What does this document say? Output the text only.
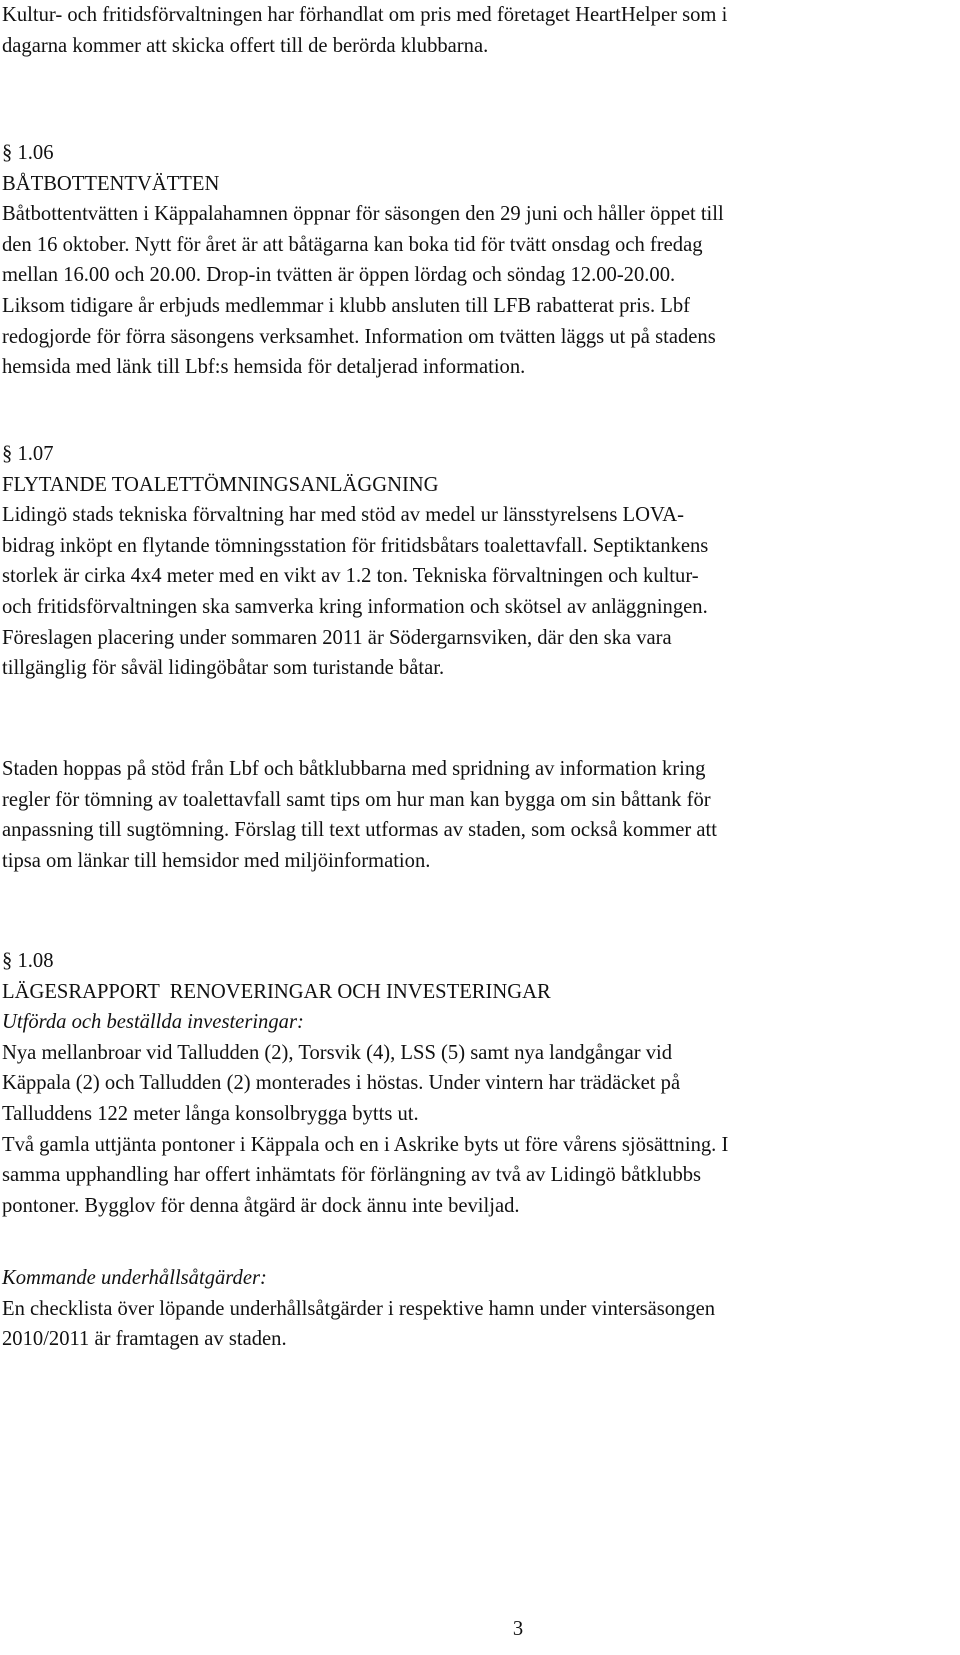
Kultur- och fritidsförvaltningen har förhandlat om pris med företaget HeartHelper som i
dagarna kommer att skicka offert till de berörda klubbarna.
§ 1.06
BÅTBOTTENTVÄTTEN
Båtbottentvätten i Käppalahamnen öppnar för säsongen den 29 juni och håller öppet till
den 16 oktober. Nytt för året är att båtägarna kan boka tid för tvätt onsdag och fredag
mellan 16.00 och 20.00. Drop-in tvätten är öppen lördag och söndag 12.00-20.00.
Liksom tidigare år erbjuds medlemmar i klubb ansluten till LFB rabatterat pris. Lbf
redogjorde för förra säsongens verksamhet. Information om tvätten läggs ut på stadens
hemsida med länk till Lbf:s hemsida för detaljerad information.
§ 1.07
FLYTANDE TOALETTÖMNINGSANLÄGGNING
Lidingö stads tekniska förvaltning har med stöd av medel ur länsstyrelsens LOVA-
bidrag inköpt en flytande tömningsstation för fritidsbåtars toalettavfall. Septiktankens
storlek är cirka 4x4 meter med en vikt av 1.2 ton. Tekniska förvaltningen och kultur-
och fritidsförvaltningen ska samverka kring information och skötsel av anläggningen.
Föreslagen placering under sommaren 2011 är Södergarnsviken, där den ska vara
tillgänglig för såväl lidingöbåtar som turistande båtar.
Staden hoppas på stöd från Lbf och båtklubbarna med spridning av information kring
regler för tömning av toalettavfall samt tips om hur man kan bygga om sin båttank för
anpassning till sugtömning. Förslag till text utformas av staden, som också kommer att
tipsa om länkar till hemsidor med miljöinformation.
§ 1.08
LÄGESRAPPORT  RENOVERINGAR OCH INVESTERINGAR
Utförda och beställda investeringar:
Nya mellanbroar vid Talludden (2), Torsvik (4), LSS (5) samt nya landgångar vid
Käppala (2) och Talludden (2) monterades i höstas. Under vintern har trädäcket på
Talluddens 122 meter långa konsolbrygga bytts ut.
Två gamla uttjänta pontoner i Käppala och en i Askrike byts ut före vårens sjösättning. I
samma upphandling har offert inhämtats för förlängning av två av Lidingö båtklubbs
pontoner. Bygglov för denna åtgärd är dock ännu inte beviljad.
Kommande underhållsåtgärder:
En checklista över löpande underhållsåtgärder i respektive hamn under vintersäsongen
2010/2011 är framtagen av staden.
3
